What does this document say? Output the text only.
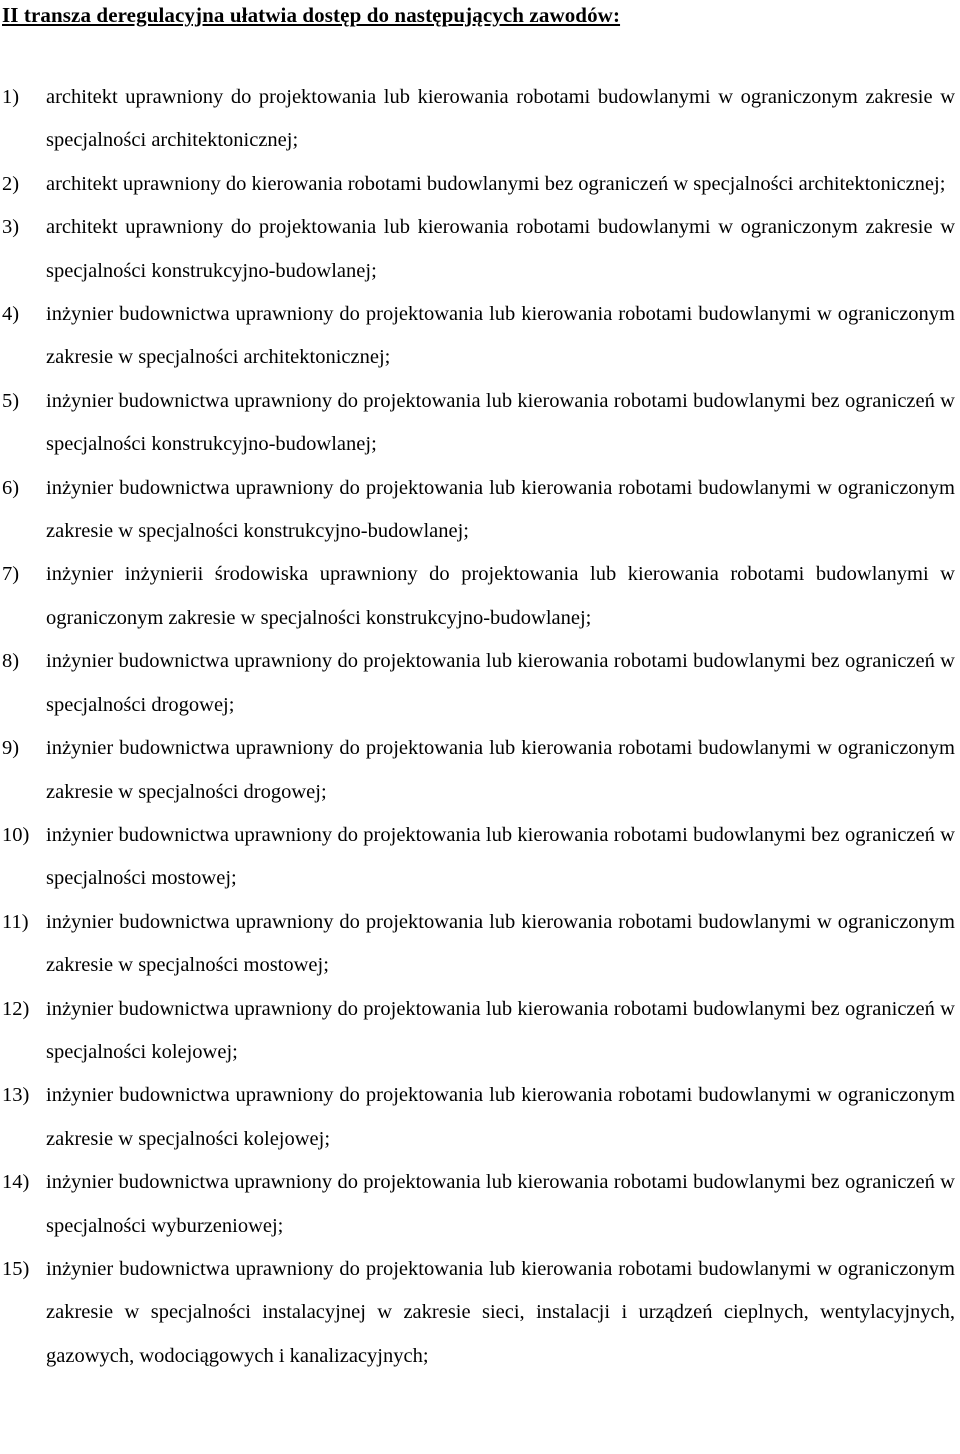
II transza deregulacyjna ułatwia dostęp do następujących zawodów:
1)	architekt uprawniony do projektowania lub kierowania robotami budowlanymi w ograniczonym zakresie w specjalności architektonicznej;
2)	architekt uprawniony do kierowania robotami budowlanymi bez ograniczeń w specjalności architektonicznej;
3)	architekt uprawniony do projektowania lub kierowania robotami budowlanymi w ograniczonym zakresie w specjalności konstrukcyjno-budowlanej;
4)	inżynier budownictwa uprawniony do projektowania lub kierowania robotami budowlanymi w ograniczonym zakresie w specjalności architektonicznej;
5)	inżynier budownictwa uprawniony do projektowania lub kierowania robotami budowlanymi bez ograniczeń w specjalności konstrukcyjno-budowlanej;
6)	inżynier budownictwa uprawniony do projektowania lub kierowania robotami budowlanymi w ograniczonym zakresie w specjalności konstrukcyjno-budowlanej;
7)	inżynier inżynierii środowiska uprawniony do projektowania lub kierowania robotami budowlanymi w ograniczonym zakresie w specjalności konstrukcyjno-budowlanej;
8)	inżynier budownictwa uprawniony do projektowania lub kierowania robotami budowlanymi bez ograniczeń w specjalności drogowej;
9)	inżynier budownictwa uprawniony do projektowania lub kierowania robotami budowlanymi w ograniczonym zakresie w specjalności drogowej;
10) inżynier budownictwa uprawniony do projektowania lub kierowania robotami budowlanymi bez ograniczeń w specjalności mostowej;
11) inżynier budownictwa uprawniony do projektowania lub kierowania robotami budowlanymi w ograniczonym zakresie w specjalności mostowej;
12) inżynier budownictwa uprawniony do projektowania lub kierowania robotami budowlanymi bez ograniczeń w specjalności kolejowej;
13) inżynier budownictwa uprawniony do projektowania lub kierowania robotami budowlanymi w ograniczonym zakresie w specjalności kolejowej;
14) inżynier budownictwa uprawniony do projektowania lub kierowania robotami budowlanymi bez ograniczeń w specjalności wyburzeniowej;
15) inżynier budownictwa uprawniony do projektowania lub kierowania robotami budowlanymi w ograniczonym zakresie w specjalności instalacyjnej w zakresie sieci, instalacji i urządzeń cieplnych, wentylacyjnych, gazowych, wodociągowych i kanalizacyjnych;
